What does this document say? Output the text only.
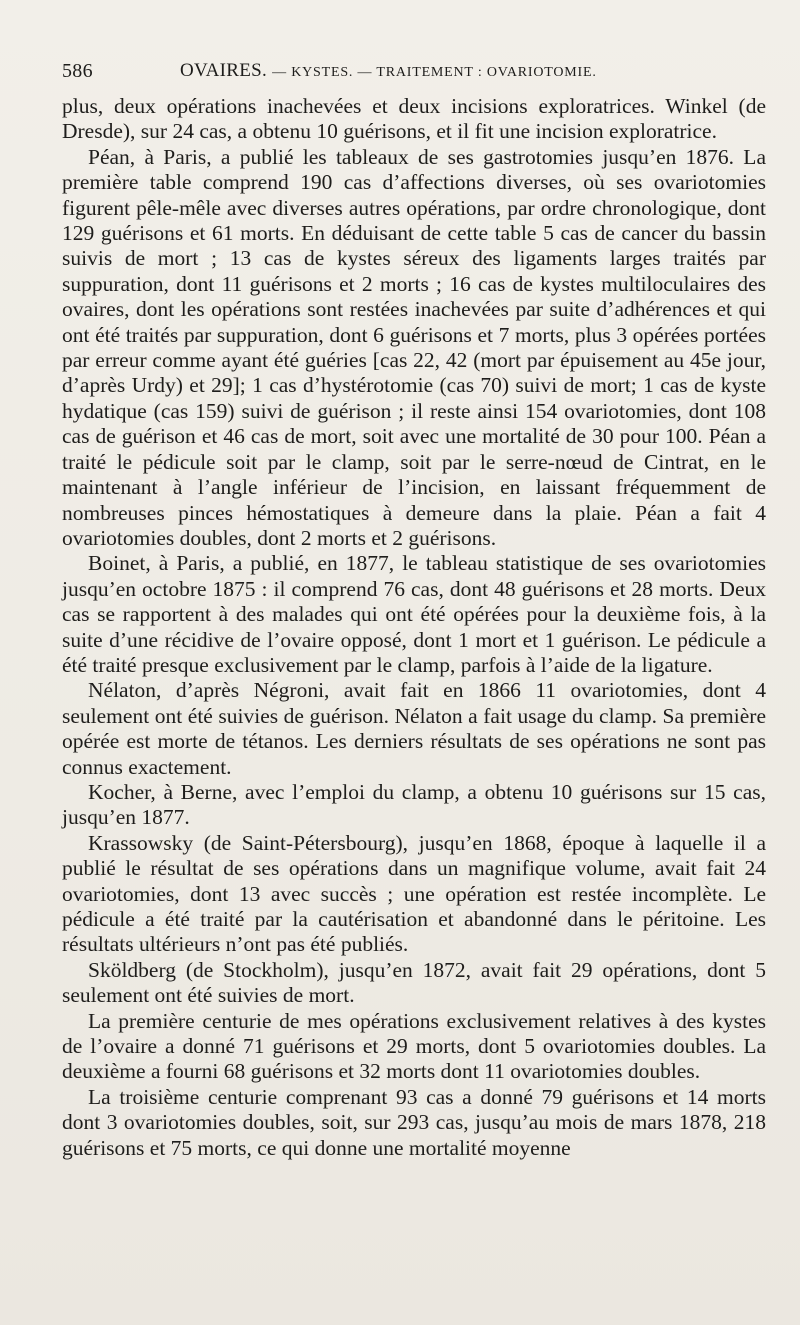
586	OVAIRES. — KYSTES. — TRAITEMENT : OVARIOTOMIE.

plus, deux opérations inachevées et deux incisions exploratrices. Winkel (de Dresde), sur 24 cas, a obtenu 10 guérisons, et il fit une incision exploratrice.

Péan, à Paris, a publié les tableaux de ses gastrotomies jusqu’en 1876. La première table comprend 190 cas d’affections diverses, où ses ovariotomies figurent pêle-mêle avec diverses autres opérations, par ordre chronologique, dont 129 guérisons et 61 morts. En déduisant de cette table 5 cas de cancer du bassin suivis de mort ; 13 cas de kystes séreux des ligaments larges traités par suppuration, dont 11 guérisons et 2 morts ; 16 cas de kystes multiloculaires des ovaires, dont les opérations sont restées inachevées par suite d’adhérences et qui ont été traités par suppuration, dont 6 guérisons et 7 morts, plus 3 opérées portées par erreur comme ayant été guéries [cas 22, 42 (mort par épuisement au 45e jour, d’après Urdy) et 29]; 1 cas d’hystérotomie (cas 70) suivi de mort; 1 cas de kyste hydatique (cas 159) suivi de guérison ; il reste ainsi 154 ovariotomies, dont 108 cas de guérison et 46 cas de mort, soit avec une mortalité de 30 pour 100. Péan a traité le pédicule soit par le clamp, soit par le serre-nœud de Cintrat, en le maintenant à l’angle inférieur de l’incision, en laissant fréquemment de nombreuses pinces hémostatiques à demeure dans la plaie. Péan a fait 4 ovariotomies doubles, dont 2 morts et 2 guérisons.

Boinet, à Paris, a publié, en 1877, le tableau statistique de ses ovariotomies jusqu’en octobre 1875 : il comprend 76 cas, dont 48 guérisons et 28 morts. Deux cas se rapportent à des malades qui ont été opérées pour la deuxième fois, à la suite d’une récidive de l’ovaire opposé, dont 1 mort et 1 guérison. Le pédicule a été traité presque exclusivement par le clamp, parfois à l’aide de la ligature.

Nélaton, d’après Négroni, avait fait en 1866 11 ovariotomies, dont 4 seulement ont été suivies de guérison. Nélaton a fait usage du clamp. Sa première opérée est morte de tétanos. Les derniers résultats de ses opérations ne sont pas connus exactement.

Kocher, à Berne, avec l’emploi du clamp, a obtenu 10 guérisons sur 15 cas, jusqu’en 1877.

Krassowsky (de Saint-Pétersbourg), jusqu’en 1868, époque à laquelle il a publié le résultat de ses opérations dans un magnifique volume, avait fait 24 ovariotomies, dont 13 avec succès ; une opération est restée incomplète. Le pédicule a été traité par la cautérisation et abandonné dans le péritoine. Les résultats ultérieurs n’ont pas été publiés.

Sköldberg (de Stockholm), jusqu’en 1872, avait fait 29 opérations, dont 5 seulement ont été suivies de mort.

La première centurie de mes opérations exclusivement relatives à des kystes de l’ovaire a donné 71 guérisons et 29 morts, dont 5 ovariotomies doubles. La deuxième a fourni 68 guérisons et 32 morts dont 11 ovariotomies doubles.

La troisième centurie comprenant 93 cas a donné 79 guérisons et 14 morts dont 3 ovariotomies doubles, soit, sur 293 cas, jusqu’au mois de mars 1878, 218 guérisons et 75 morts, ce qui donne une mortalité moyenne
